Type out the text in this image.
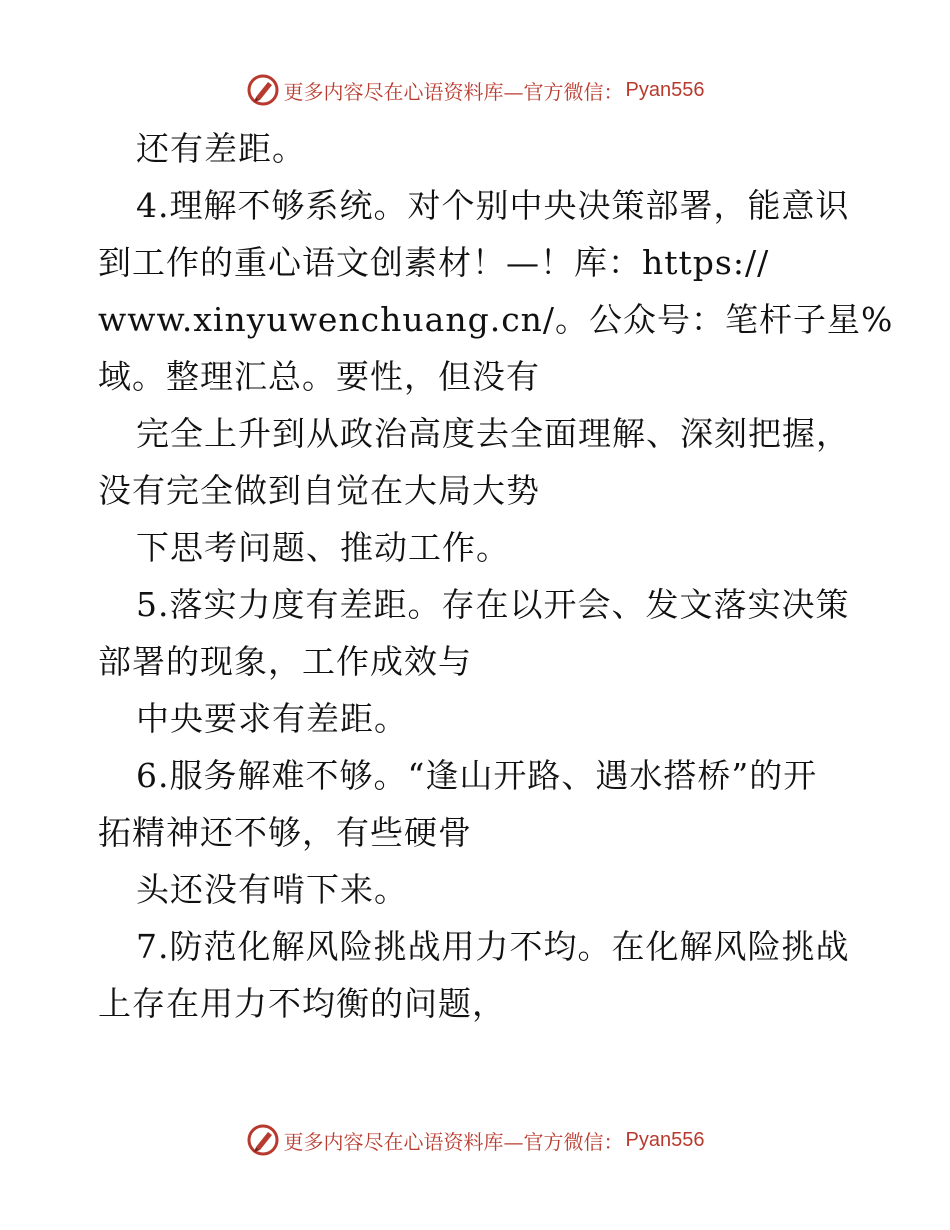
更多内容尽在心语资料库—官方微信： Pyan556
还有差距。
4.理解不够系统。对个别中央决策部署，能意识
到工作的重心语文创素材！—！库：https://
www.xinyuwenchuang.cn/。公众号：笔杆子星%
域。整理汇总。要性，但没有
完全上升到从政治高度去全面理解、深刻把握，
没有完全做到自觉在大局大势
下思考问题、推动工作。
5.落实力度有差距。存在以开会、发文落实决策
部署的现象，工作成效与
中央要求有差距。
6.服务解难不够。“逢山开路、遇水搭桥”的开
拓精神还不够，有些硬骨
头还没有啃下来。
7.防范化解风险挑战用力不均。在化解风险挑战
上存在用力不均衡的问题，
更多内容尽在心语资料库—官方微信： Pyan556
